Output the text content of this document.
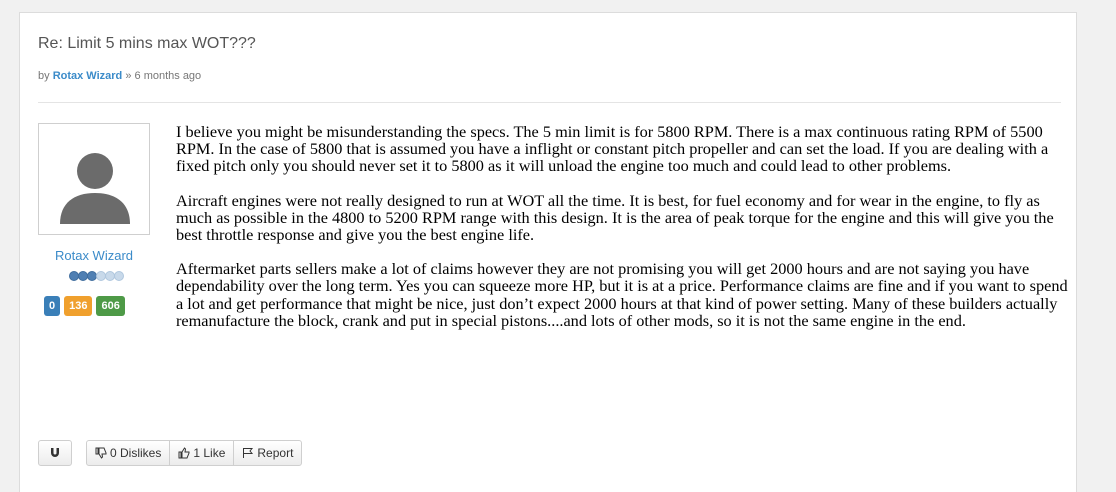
Re: Limit 5 mins max WOT???
by Rotax Wizard » 6 months ago
Rotax Wizard
0	136	606

I believe you might be misunderstanding the specs. The 5 min limit is for 5800 RPM. There is a max continuous rating RPM of 5500 RPM. In the case of 5800 that is assumed you have a inflight or constant pitch propeller and can set the load. If you are dealing with a fixed pitch only you should never set it to 5800 as it will unload the engine too much and could lead to other problems.

Aircraft engines were not really designed to run at WOT all the time. It is best, for fuel economy and for wear in the engine, to fly as much as possible in the 4800 to 5200 RPM range with this design. It is the area of peak torque for the engine and this will give you the best throttle response and give you the best engine life.

Aftermarket parts sellers make a lot of claims however they are not promising you will get 2000 hours and are not saying you have dependability over the long term. Yes you can squeeze more HP, but it is at a price. Performance claims are fine and if you want to spend a lot and get performance that might be nice, just don’t expect 2000 hours at that kind of power setting. Many of these builders actually remanufacture the block, crank and put in special pistons....and lots of other mods, so it is not the same engine in the end.

0 Dislikes	1 Like	Report
